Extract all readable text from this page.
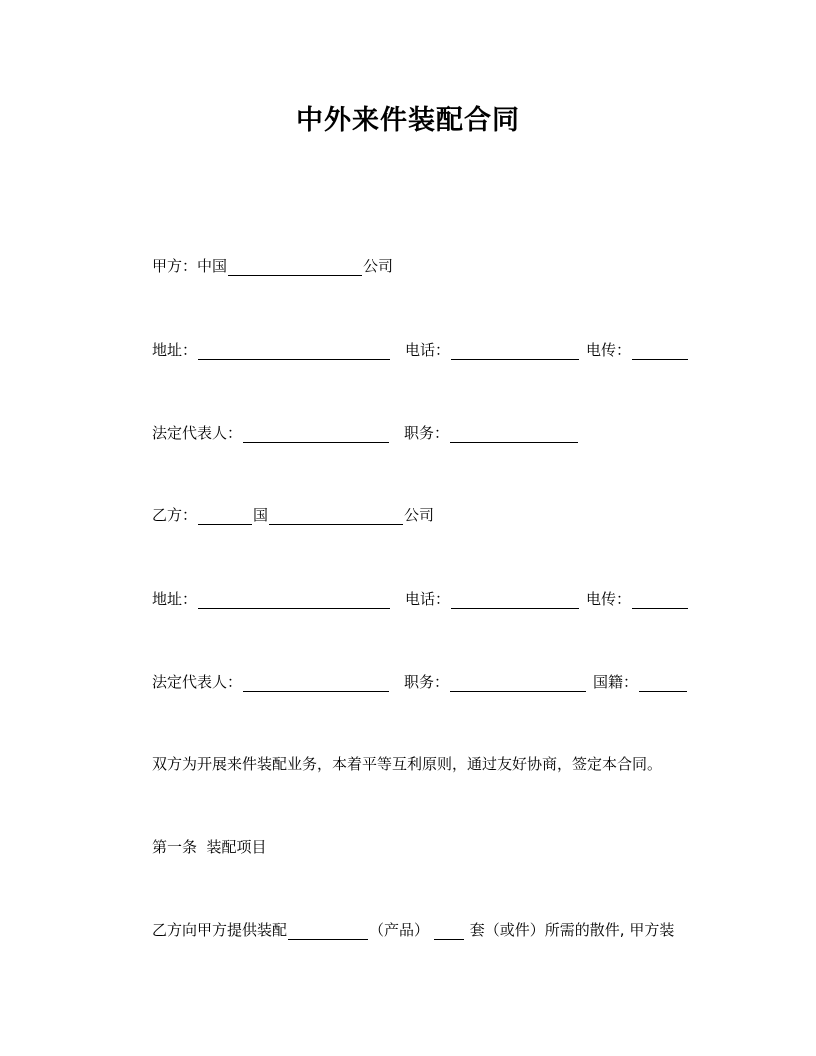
中外来件装配合同
甲方：中国	公司
地址：	电话：	电传：
法定代表人：	职务：
乙方：	国	公司
地址：	电话：	电传：
法定代表人：	职务：	国籍：
双方为开展来件装配业务，本着平等互利原则，通过友好协商，签定本合同。
第一条  装配项目
乙方向甲方提供装配	（产品） 套（或件）所需的散件, 甲方装
